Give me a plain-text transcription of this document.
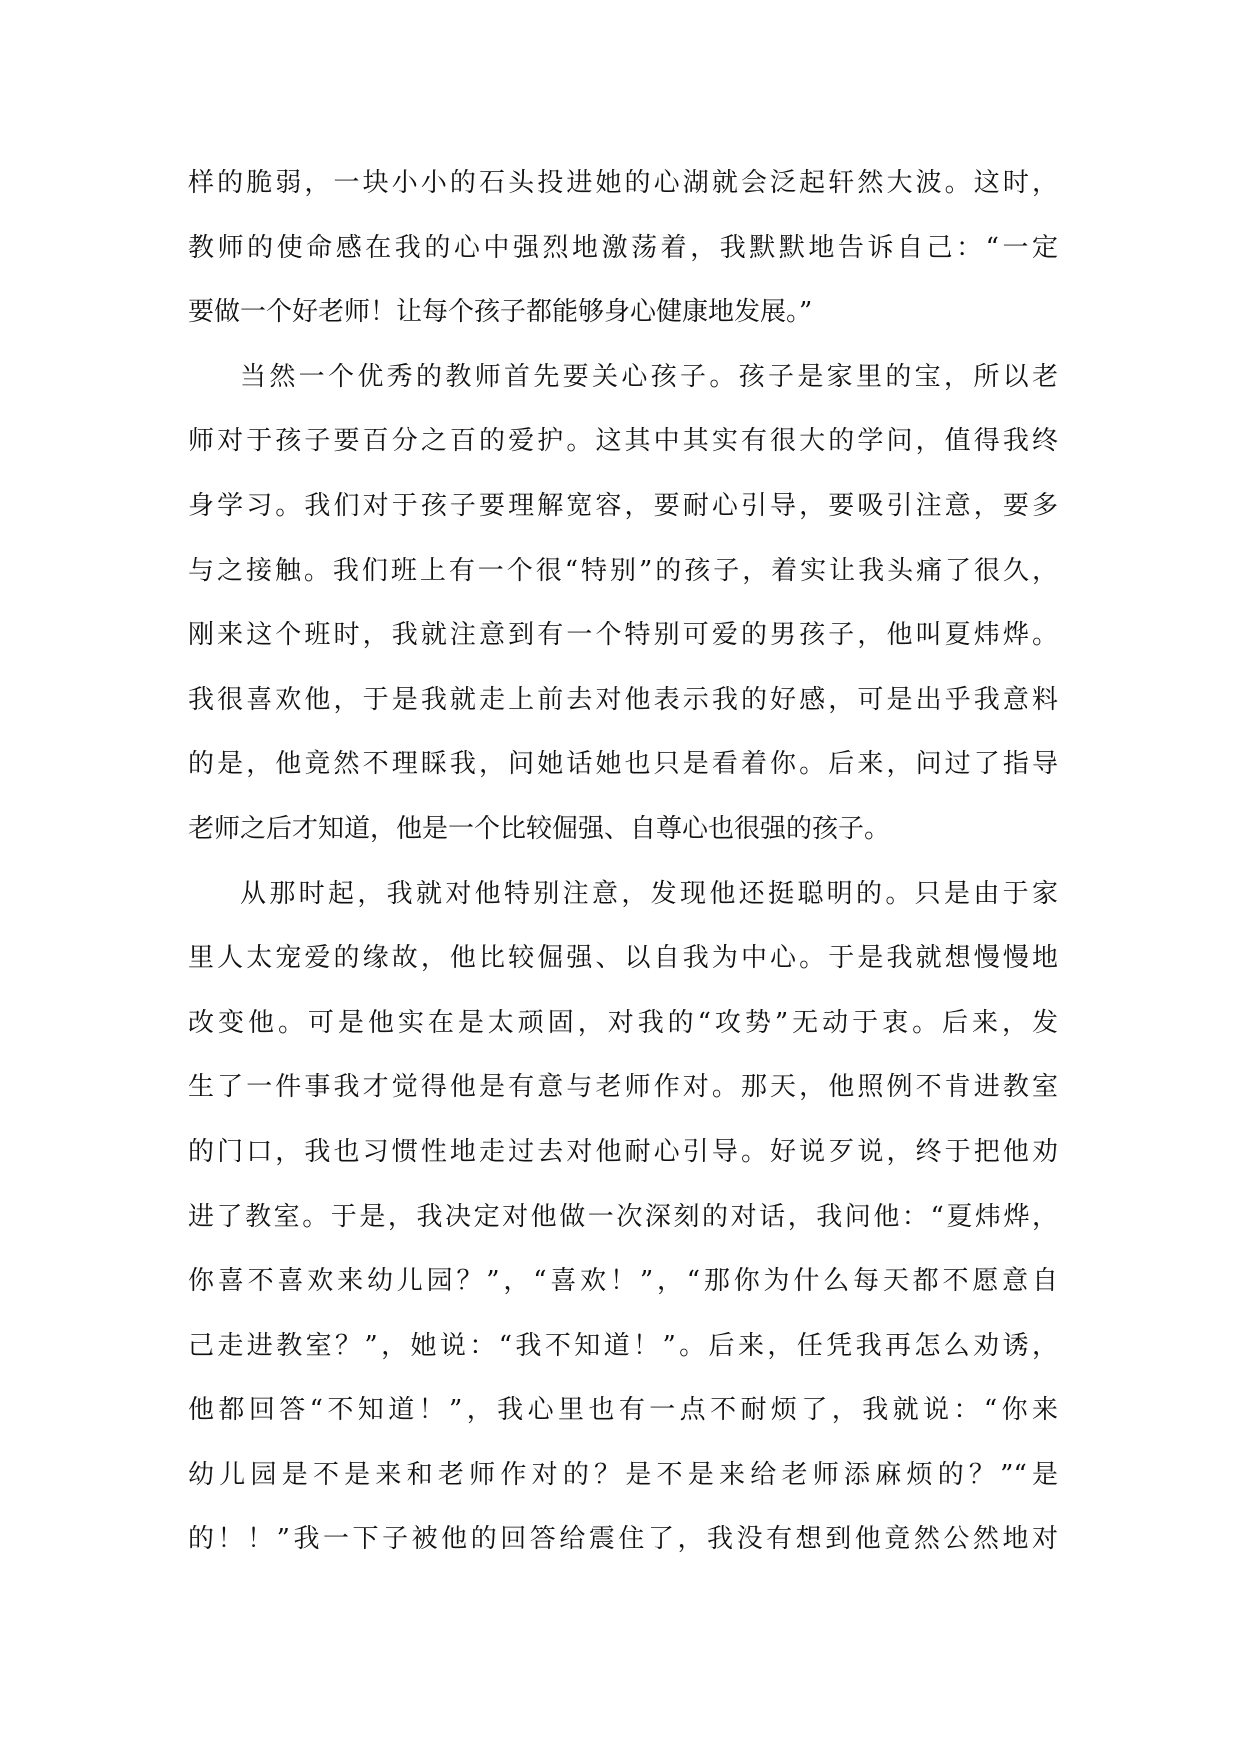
样的脆弱，一块小小的石头投进她的心湖就会泛起轩然大波。这时，
教师的使命感在我的心中强烈地激荡着，我默默地告诉自己：“一定
要做一个好老师！让每个孩子都能够身心健康地发展。”
当然一个优秀的教师首先要关心孩子。孩子是家里的宝，所以老
师对于孩子要百分之百的爱护。这其中其实有很大的学问，值得我终
身学习。我们对于孩子要理解宽容，要耐心引导，要吸引注意，要多
与之接触。我们班上有一个很“特别”的孩子，着实让我头痛了很久，
刚来这个班时，我就注意到有一个特别可爱的男孩子，他叫夏炜烨。
我很喜欢他，于是我就走上前去对他表示我的好感，可是出乎我意料
的是，他竟然不理睬我，问她话她也只是看着你。后来，问过了指导
老师之后才知道，他是一个比较倔强、自尊心也很强的孩子。
从那时起，我就对他特别注意，发现他还挺聪明的。只是由于家
里人太宠爱的缘故，他比较倔强、以自我为中心。于是我就想慢慢地
改变他。可是他实在是太顽固，对我的“攻势”无动于衷。后来，发
生了一件事我才觉得他是有意与老师作对。那天，他照例不肯进教室
的门口，我也习惯性地走过去对他耐心引导。好说歹说，终于把他劝
进了教室。于是，我决定对他做一次深刻的对话，我问他：“夏炜烨，
你喜不喜欢来幼儿园？”，“喜欢！”，“那你为什么每天都不愿意自
己走进教室？”，她说：“我不知道！”。后来，任凭我再怎么劝诱，
他都回答“不知道！”，我心里也有一点不耐烦了，我就说：“你来
幼儿园是不是来和老师作对的？是不是来给老师添麻烦的？”“是
的！！”我一下子被他的回答给震住了，我没有想到他竟然公然地对
